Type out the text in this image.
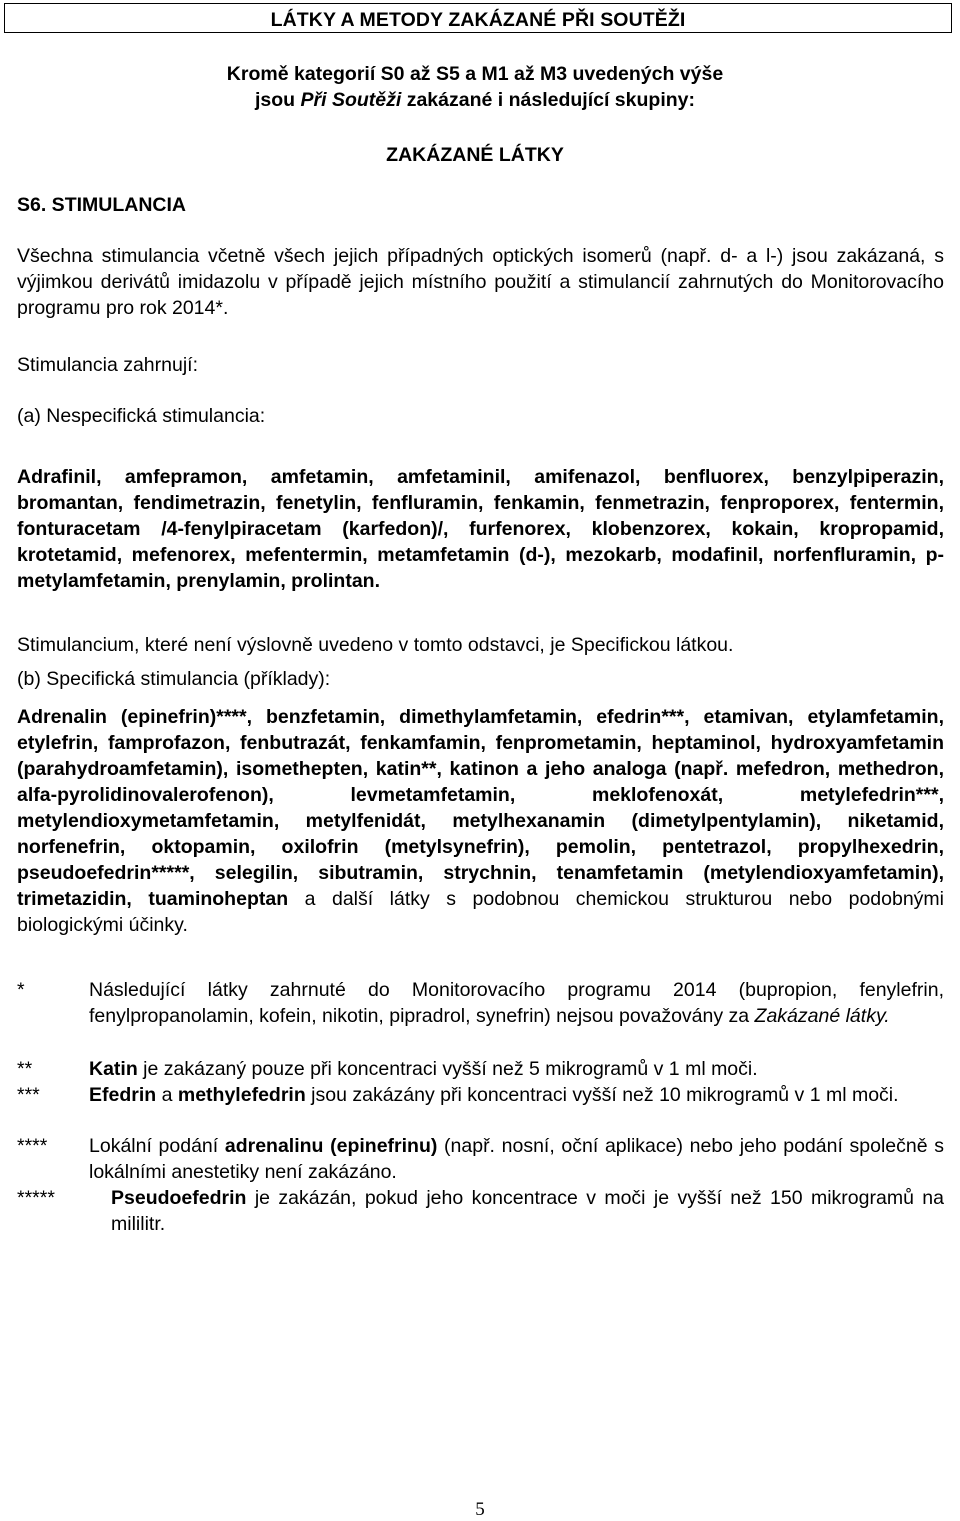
LÁTKY A METODY ZAKÁZANÉ PŘI SOUTĚŽI
Kromě kategorií S0 až S5 a M1 až M3 uvedených výše
jsou Při Soutěži zakázané i následující skupiny:
ZAKÁZANÉ LÁTKY
S6. STIMULANCIA
Všechna stimulancia včetně všech jejich případných optických isomerů (např. d- a l-) jsou zakázaná, s výjimkou derivátů imidazolu v případě jejich místního použití a stimulancií zahrnutých do Monitorovacího programu pro rok 2014*.
Stimulancia zahrnují:
(a) Nespecifická stimulancia:
Adrafinil, amfepramon, amfetamin, amfetaminil, amifenazol, benfluorex, benzylpiperazin, bromantan, fendimetrazin, fenetylin, fenfluramin, fenkamin, fenmetrazin, fenproporex, fentermin, fonturacetam /4-fenylpiracetam (karfedon)/, furfenorex, klobenzorex, kokain, kropropamid, krotetamid, mefenorex, mefentermin, metamfetamin (d-), mezokarb, modafinil, norfenfluramin, p-metylamfetamin, prenylamin, prolintan.
Stimulancium, které není výslovně uvedeno v tomto odstavci, je Specifickou látkou.
(b) Specifická stimulancia (příklady):
Adrenalin (epinefrin)****, benzfetamin, dimethylamfetamin, efedrin***, etamivan, etylamfetamin, etylefrin, famprofazon, fenbutrazát, fenkamfamin, fenprometamin, heptaminol, hydroxyamfetamin (parahydroamfetamin), isomethepten, katin**, katinon a jeho analoga (např. mefedron, methedron, alfa-pyrolidinovalerofenon), levmetamfetamin, meklofenoxát, metylefedrin***, metylendioxymetamfetamin, metylfenidát, metylhexanamin (dimetylpentylamin), niketamid, norfenefrin, oktopamin, oxilofrin (metylsynefrin), pemolin, pentetrazol, propylhexedrin, pseudoefedrin*****, selegilin, sibutramin, strychnin, tenamfetamin (metylendioxyamfetamin), trimetazidin, tuaminoheptan a další látky s podobnou chemickou strukturou nebo podobnými biologickými účinky.
*	Následující látky zahrnuté do Monitorovacího programu 2014 (bupropion, fenylefrin, fenylpropanolamin, kofein, nikotin, pipradrol, synefrin) nejsou považovány za Zakázané látky.
**	Katin je zakázaný pouze při koncentraci vyšší než 5 mikrogramů v 1 ml moči.
***	Efedrin a methylefedrin jsou zakázány při koncentraci vyšší než 10 mikrogramů v 1 ml moči.
**** Lokální podání adrenalinu (epinefrinu) (např. nosní, oční aplikace) nebo jeho podání společně s lokálními anestetiky není zakázáno.
*****	Pseudoefedrin je zakázán, pokud jeho koncentrace v moči je vyšší než 150 mikrogramů na mililitr.
5
